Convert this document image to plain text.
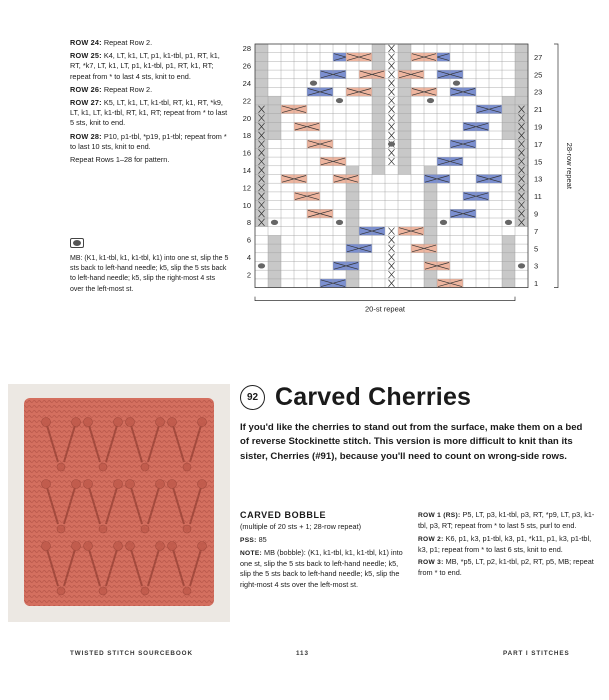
ROW 24: Repeat Row 2.

ROW 25: K4, LT, k1, LT, p1, k1-tbl, p1, RT, k1, RT, *k7, LT, k1, LT, p1, k1-tbl, p1, RT, k1, RT; repeat from * to last 4 sts, knit to end.

ROW 26: Repeat Row 2.

ROW 27: K5, LT, k1, LT, k1-tbl, RT, k1, RT, *k9, LT, k1, LT, k1-tbl, RT, k1, RT; repeat from * to last 5 sts, knit to end.

ROW 28: P10, p1-tbl, *p19, p1-tbl; repeat from * to last 10 sts, knit to end.

Repeat Rows 1–28 for pattern.

MB: (K1, k1-tbl, k1, k1-tbl, k1) into one st, slip the 5 sts back to left-hand needle; k5, slip the 5 sts back to left-hand needle; k5, slip the right-most 4 sts over the left-most st.

28
26
24
22
20
18
16
14
12
10
8
6
4
2
27
25
23
21
19
17
15
13
11
9
7
5
3
1
28-row repeat
20-st repeat
92 Carved Cherries
If you'd like the cherries to stand out from the surface, make them on a bed of reverse Stockinette stitch. This version is more difficult to knit than its sister, Cherries (#91), because you'll need to count on wrong-side rows.
CARVED BOBBLE

(multiple of 20 sts + 1; 28-row repeat)

PSS: 85

NOTE: MB (bobble): (K1, k1-tbl, k1, k1-tbl, k1) into one st, slip the 5 sts back to left-hand needle; k5, slip the 5 sts back to left-hand needle; k5, slip the right-most 4 sts over the left-most st.

ROW 1 (RS): P5, LT, p3, k1-tbl, p3, RT, *p9, LT, p3, k1-tbl, p3, RT; repeat from * to last 5 sts, purl to end.

ROW 2: K6, p1, k3, p1-tbl, k3, p1, *k11, p1, k3, p1-tbl, k3, p1; repeat from * to last 6 sts, knit to end.

ROW 3: MB, *p5, LT, p2, k1-tbl, p2, RT, p5, MB; repeat from * to end.

TWISTED STITCH SOURCEBOOK	113	PART I STITCHES
